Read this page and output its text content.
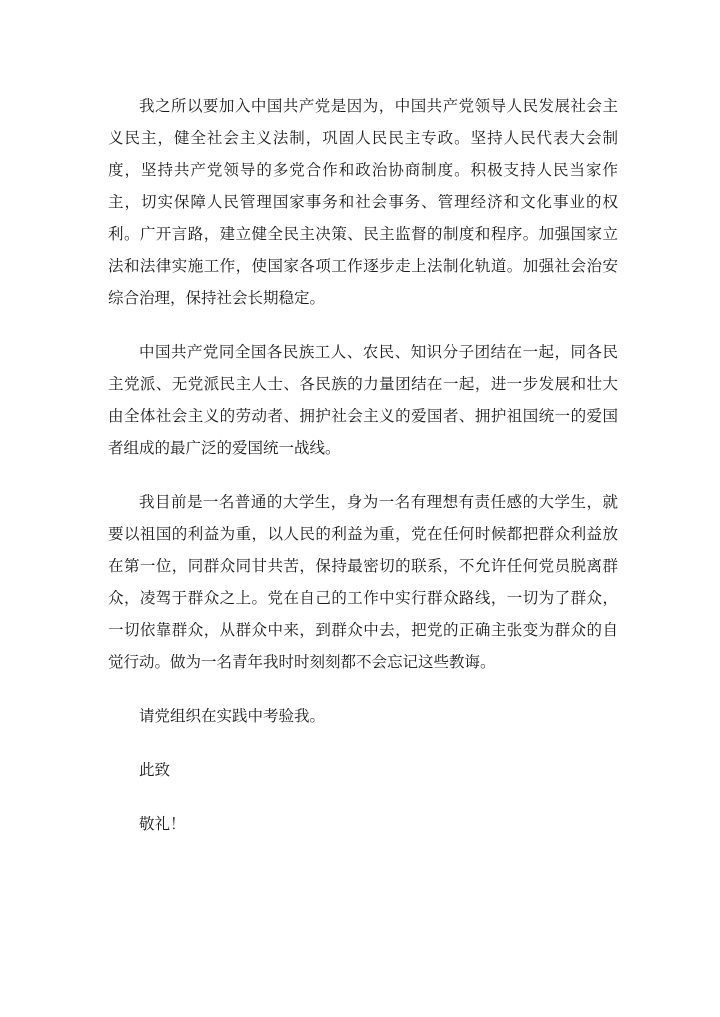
我之所以要加入中国共产党是因为，中国共产党领导人民发展社会主义民主，健全社会主义法制，巩固人民民主专政。坚持人民代表大会制度，坚持共产党领导的多党合作和政治协商制度。积极支持人民当家作主，切实保障人民管理国家事务和社会事务、管理经济和文化事业的权利。广开言路，建立健全民主决策、民主监督的制度和程序。加强国家立法和法律实施工作，使国家各项工作逐步走上法制化轨道。加强社会治安综合治理，保持社会长期稳定。

中国共产党同全国各民族工人、农民、知识分子团结在一起，同各民主党派、无党派民主人士、各民族的力量团结在一起，进一步发展和壮大由全体社会主义的劳动者、拥护社会主义的爱国者、拥护祖国统一的爱国者组成的最广泛的爱国统一战线。

我目前是一名普通的大学生，身为一名有理想有责任感的大学生，就要以祖国的利益为重，以人民的利益为重，党在任何时候都把群众利益放在第一位，同群众同甘共苦，保持最密切的联系，不允许任何党员脱离群众，凌驾于群众之上。党在自己的工作中实行群众路线，一切为了群众，一切依靠群众，从群众中来，到群众中去，把党的正确主张变为群众的自觉行动。做为一名青年我时时刻刻都不会忘记这些教诲。

请党组织在实践中考验我。

此致

敬礼！
